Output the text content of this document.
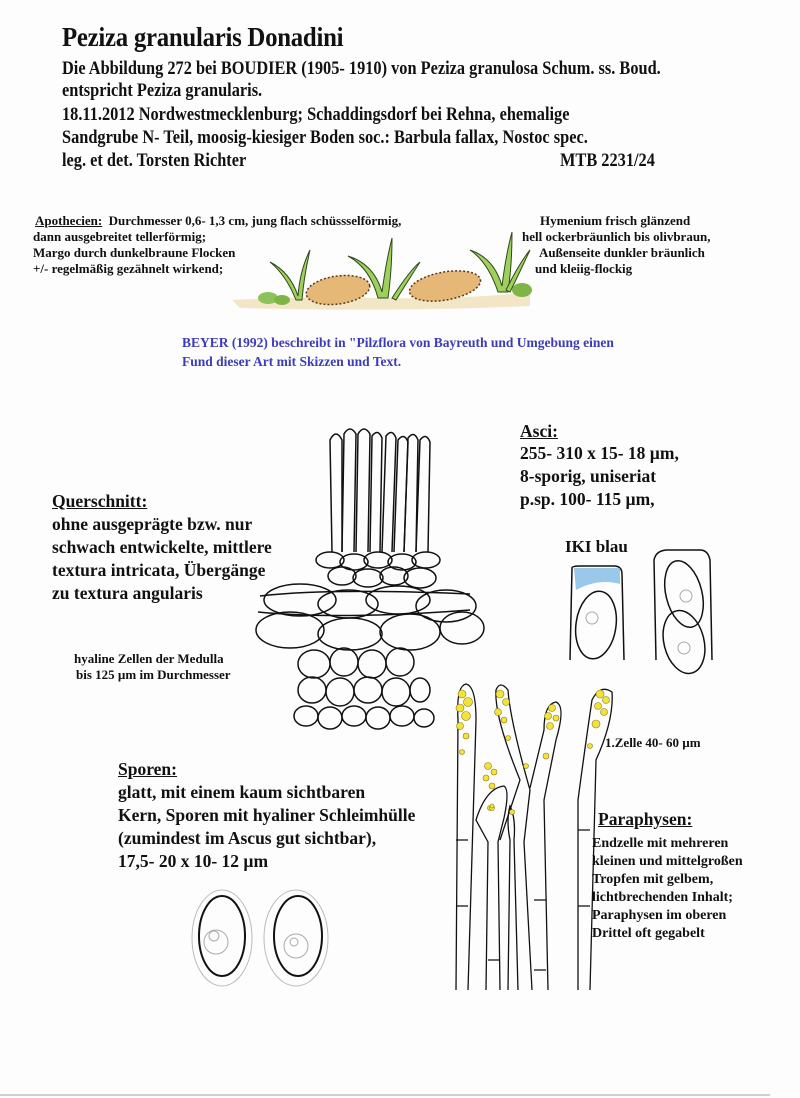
Peziza granularis Donadini
Die Abbildung 272 bei BOUDIER (1905- 1910) von Peziza granulosa Schum. ss. Boud.
entspricht Peziza granularis.
18.11.2012 Nordwestmecklenburg; Schaddingsdorf bei Rehna, ehemalige
Sandgrube N- Teil, moosig-kiesiger Boden soc.: Barbula fallax, Nostoc spec.
leg. et det. Torsten Richter	MTB 2231/24
Apothecien:  Durchmesser 0,6- 1,3 cm, jung flach schüssselförmig,
dann ausgebreitet tellerförmig;
Margo durch dunkelbraune Flocken
+/- regelmäßig gezähnelt wirkend;
Hymenium frisch glänzend
hell ockerbräunlich bis olivbraun,
Außenseite dunkler bräunlich
und kleiig-flockig
BEYER (1992) beschreibt in "Pilzflora von Bayreuth und Umgebung einen
Fund dieser Art mit Skizzen und Text.
Asci:
255- 310 x 15- 18 µm,
8-sporig, uniseriat
p.sp. 100- 115 µm,
IKI blau
Querschnitt:
ohne ausgeprägte bzw. nur
schwach entwickelte, mittlere
textura intricata, Übergänge
zu textura angularis
hyaline Zellen der Medulla
bis 125 µm im Durchmesser
Sporen:
glatt, mit einem kaum sichtbaren
Kern, Sporen mit hyaliner Schleimhülle
(zumindest im Ascus gut sichtbar),
17,5- 20 x 10- 12 µm
1.Zelle 40- 60 µm
Paraphysen:
Endzelle mit mehreren
kleinen und mittelgroßen
Tropfen mit gelbem,
lichtbrechenden Inhalt;
Paraphysen im oberen
Drittel oft gegabelt
